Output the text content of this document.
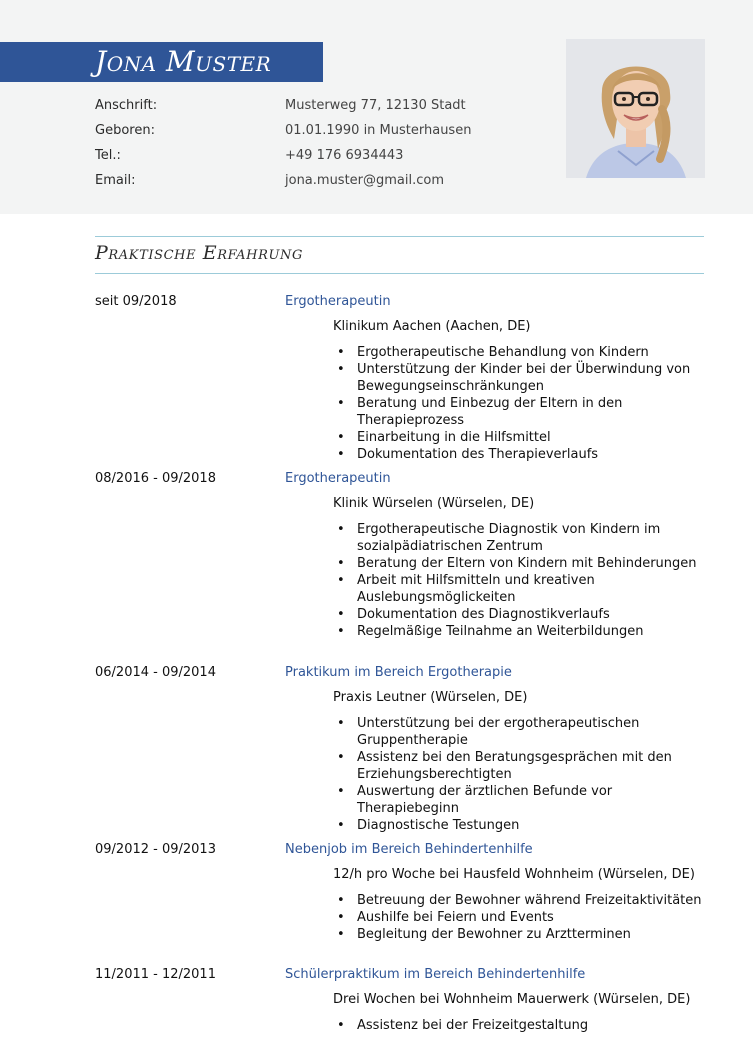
Jona Muster
Anschrift:	Musterweg 77, 12130 Stadt
Geboren:	01.01.1990 in Musterhausen
Tel.:	+49 176 6934443
Email:	jona.muster@gmail.com
Praktische Erfahrung
seit 09/2018	Ergotherapeutin
Klinikum Aachen (Aachen, DE)
• Ergotherapeutische Behandlung von Kindern
• Unterstützung der Kinder bei der Überwindung von Bewegungseinschränkungen
• Beratung und Einbezug der Eltern in den Therapieprozess
• Einarbeitung in die Hilfsmittel
• Dokumentation des Therapieverlaufs
08/2016 - 09/2018	Ergotherapeutin
Klinik Würselen (Würselen, DE)
• Ergotherapeutische Diagnostik von Kindern im sozialpädiatrischen Zentrum
• Beratung der Eltern von Kindern mit Behinderungen
• Arbeit mit Hilfsmitteln und kreativen Auslebungsmöglickeiten
• Dokumentation des Diagnostikverlaufs
• Regelmäßige Teilnahme an Weiterbildungen
06/2014 - 09/2014	Praktikum im Bereich Ergotherapie
Praxis Leutner (Würselen, DE)
• Unterstützung bei der ergotherapeutischen Gruppentherapie
• Assistenz bei den Beratungsgesprächen mit den Erziehungsberechtigten
• Auswertung der ärztlichen Befunde vor Therapiebeginn
• Diagnostische Testungen
09/2012 - 09/2013	Nebenjob im Bereich Behindertenhilfe
12/h pro Woche bei Hausfeld Wohnheim (Würselen, DE)
• Betreuung der Bewohner während Freizeitaktivitäten
• Aushilfe bei Feiern und Events
• Begleitung der Bewohner zu Arztterminen
11/2011 - 12/2011	Schülerpraktikum im Bereich Behindertenhilfe
Drei Wochen bei Wohnheim Mauerwerk (Würselen, DE)
• Assistenz bei der Freizeitgestaltung
